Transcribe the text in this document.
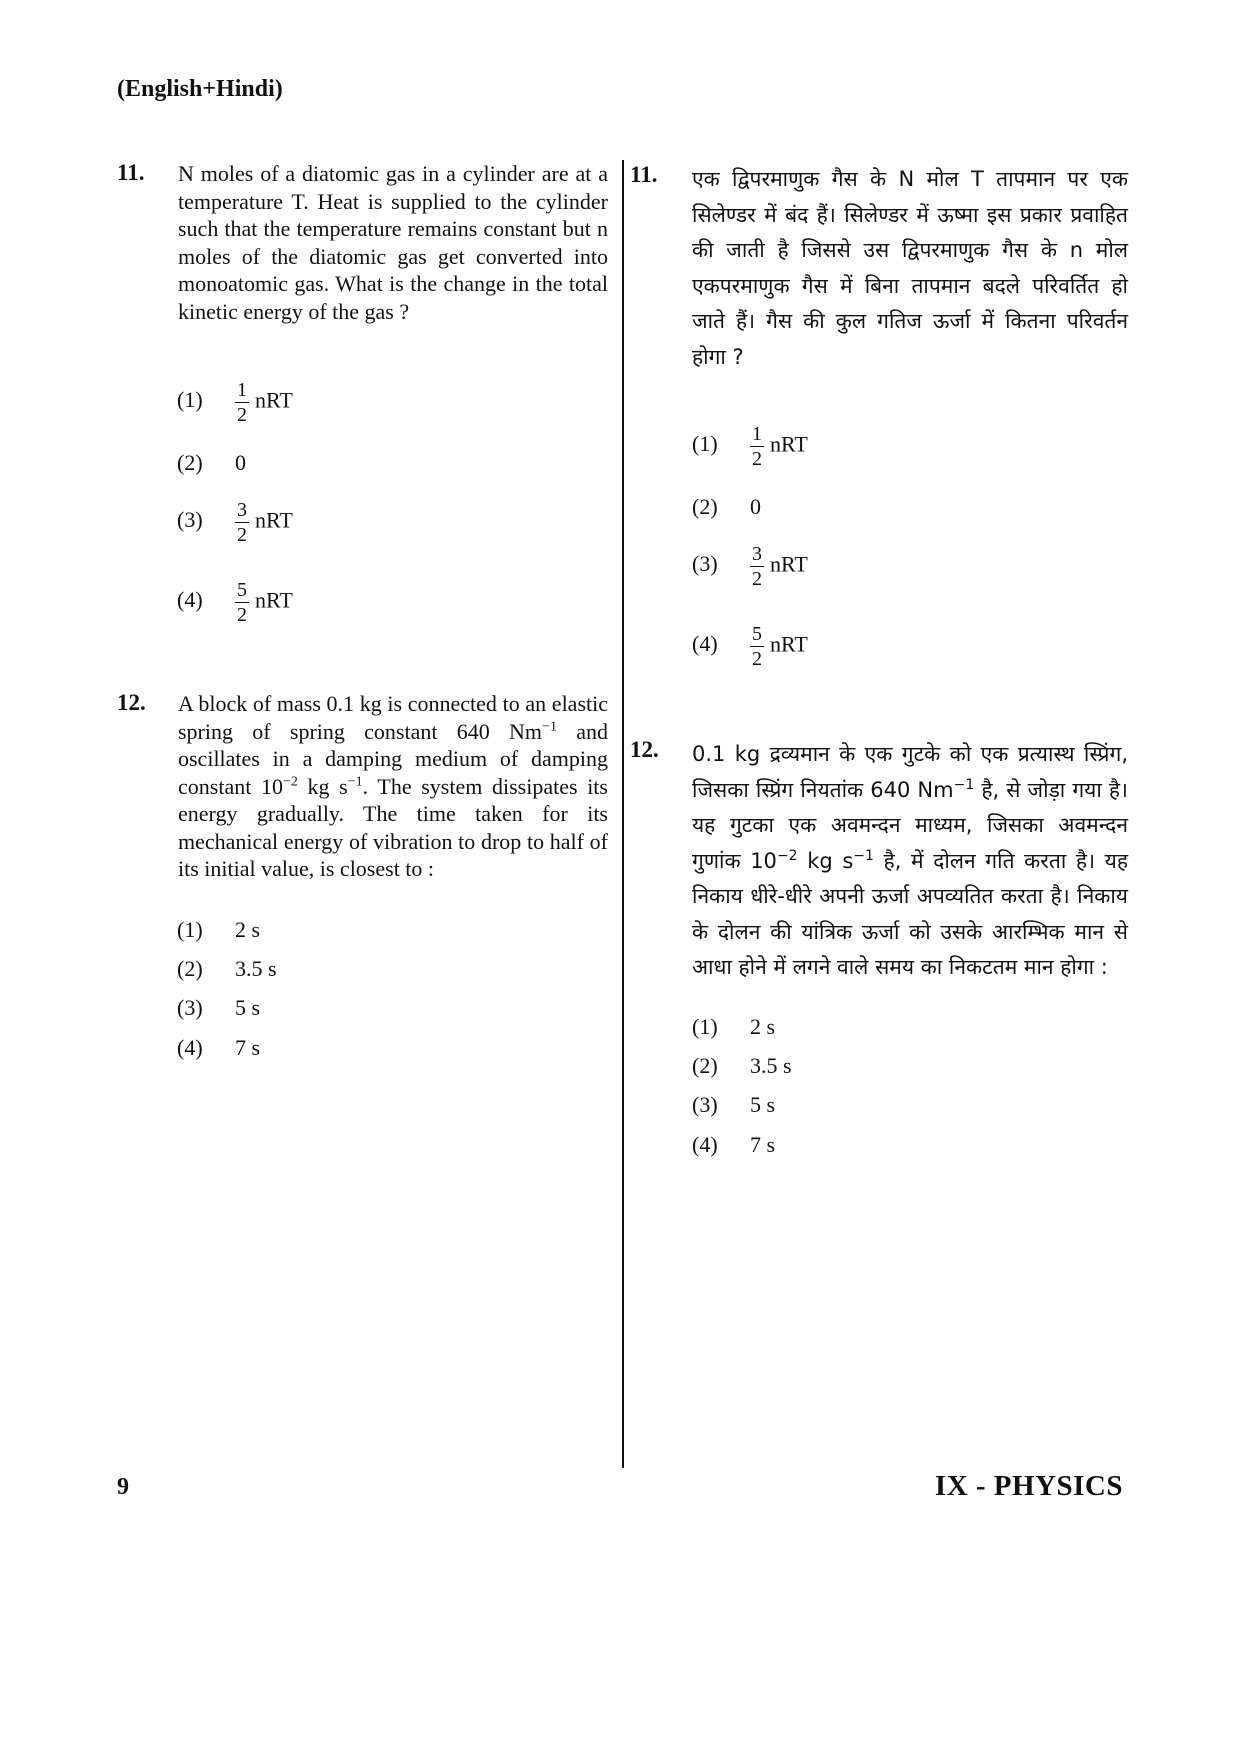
(English+Hindi)
11. N moles of a diatomic gas in a cylinder are at a temperature T. Heat is supplied to the cylinder such that the temperature remains constant but n moles of the diatomic gas get converted into monoatomic gas. What is the change in the total kinetic energy of the gas ?
$(1) \frac{1}{2}$ nRT
(2) 0
$(3) \frac{3}{2}$ nRT
$(4) \frac{5}{2}$ nRT
12. A block of mass 0.1 kg is connected to an elastic spring of spring constant 640 $Nm^{-1}$ and oscillates in a damping medium of damping constant $10^{-2}$ kg $s^{-1}$. The system dissipates its energy gradually. The time taken for its mechanical energy of vibration to drop to half of its initial value, is closest to :
(1) 2 s
(2) 3.5 s
(3) 5 s
(4) 7 s
11. एक द्विपरमाणुक गैस के N मोल T तापमान पर एक सिलेण्डर में बंद हैं। सिलेण्डर में ऊष्मा इस प्रकार प्रवाहित की जाती है जिससे उस द्विपरमाणुक गैस के n मोल एकपरमाणुक गैस में बिना तापमान बदले परिवर्तित हो जाते हैं। गैस की कुल गतिज ऊर्जा में कितना परिवर्तन होगा ?
$(1) \frac{1}{2}$ nRT
(2) 0
$(3) \frac{3}{2}$ nRT
$(4) \frac{5}{2}$ nRT
12. 0.1 kg द्रव्यमान के एक गुटके को एक प्रत्यास्थ स्प्रिंग, जिसका स्प्रिंग नियतांक 640 $Nm^{-1}$ है, से जोड़ा गया है। यह गुटका एक अवमन्दन माध्यम, जिसका अवमन्दन गुणांक $10^{-2}$ kg $s^{-1}$ है, में दोलन गति करता है। यह निकाय धीरे-धीरे अपनी ऊर्जा अपव्यतित करता है। निकाय के दोलन की यांत्रिक ऊर्जा को उसके आरम्भिक मान से आधा होने में लगने वाले समय का निकटतम मान होगा :
(1) 2 s
(2) 3.5 s
(3) 5 s
(4) 7 s
9	IX - PHYSICS
